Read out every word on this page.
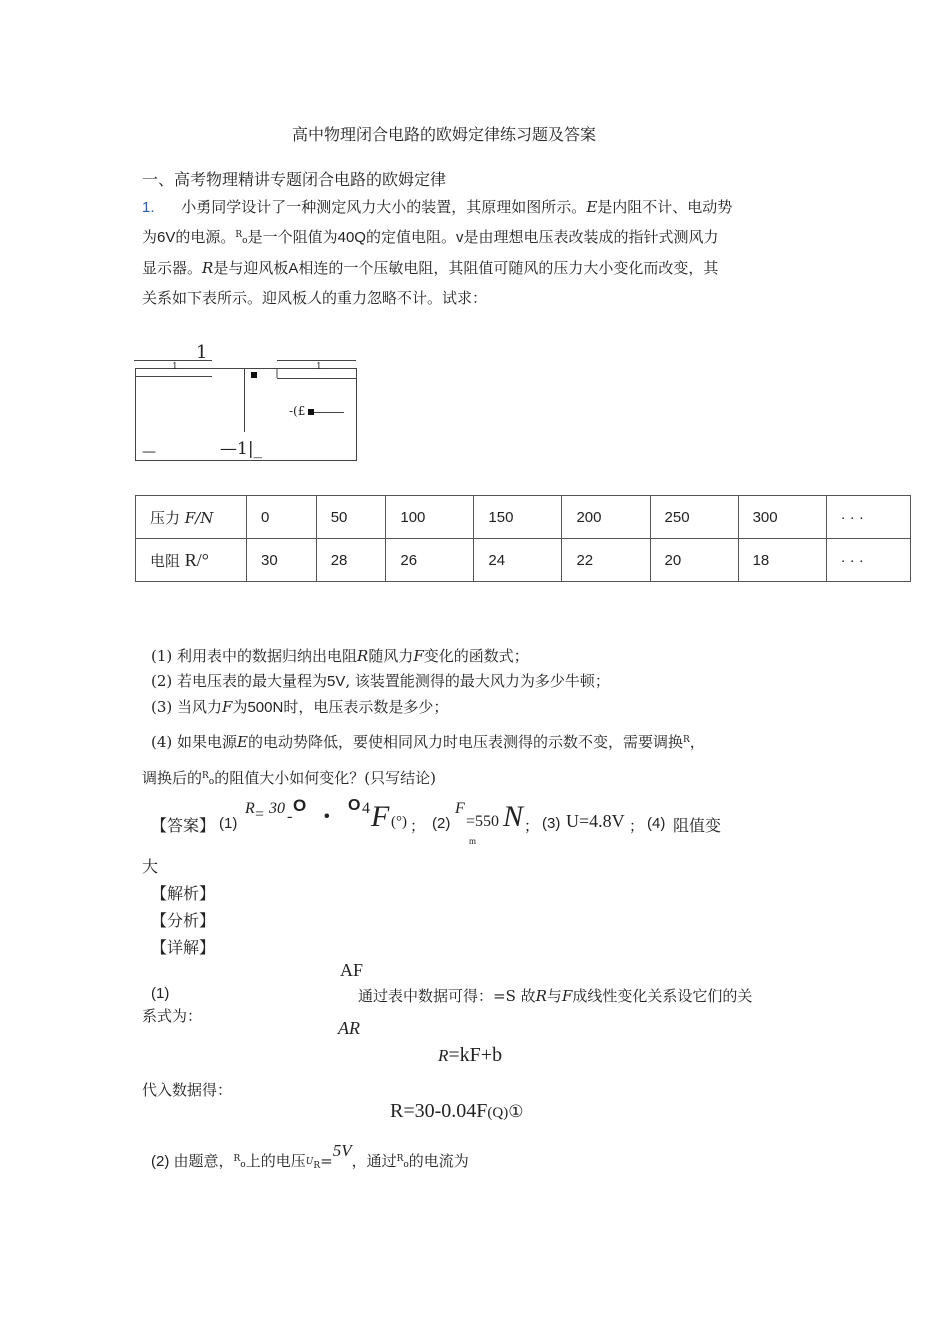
高中物理闭合电路的欧姆定律练习题及答案
一、高考物理精讲专题闭合电路的欧姆定律
1. 小勇同学设计了一种测定风力大小的装置，其原理如图所示。E是内阻不计、电动势
为6V的电源。$^R$o是一个阻值为40Q的定值电阻。v是由理想电压表改装成的指针式测风力
显示器。R是与迎风板A相连的一个压敏电阻，其阻值可随风的压力大小变化而改变，其
关系如下表所示。迎风板人的重力忽略不计。试求：
1
1	1
-(£
—	—1|_
压力 F/N	0	50	100	150	200	250	300	· · ·
电阻 R/°	30	28	26	24	22	20	18	· · ·
(1) 利用表中的数据归纳出电阻R随风力F变化的函数式；
(2) 若电压表的最大量程为5V, 该装置能测得的最大风力为多少牛顿；
(3) 当风力F为500N时，电压表示数是多少；
(4) 如果电源E的电动势降低，要使相同风力时电压表测得的示数不变，需要调换$^R$，
调换后的$^R$o的阻值大小如何变化？(只写结论)
【答案】 (1)
R = 30 -
O
•
O 4 F (°) ； (2)
F
m
=550 N ； (3) U=4.8V ； (4) 阻值变
大
【解析】
【分析】
【详解】
AF
(1)	通过表中数据可得：=S 故R与F成线性变化关系设它们的关
系式为：
AR
R=kF+b
代入数据得：
R=30-0.04F(Q)①
(2) 由题意，$^R$o上的电压UR=5V，通过$^R$o的电流为
